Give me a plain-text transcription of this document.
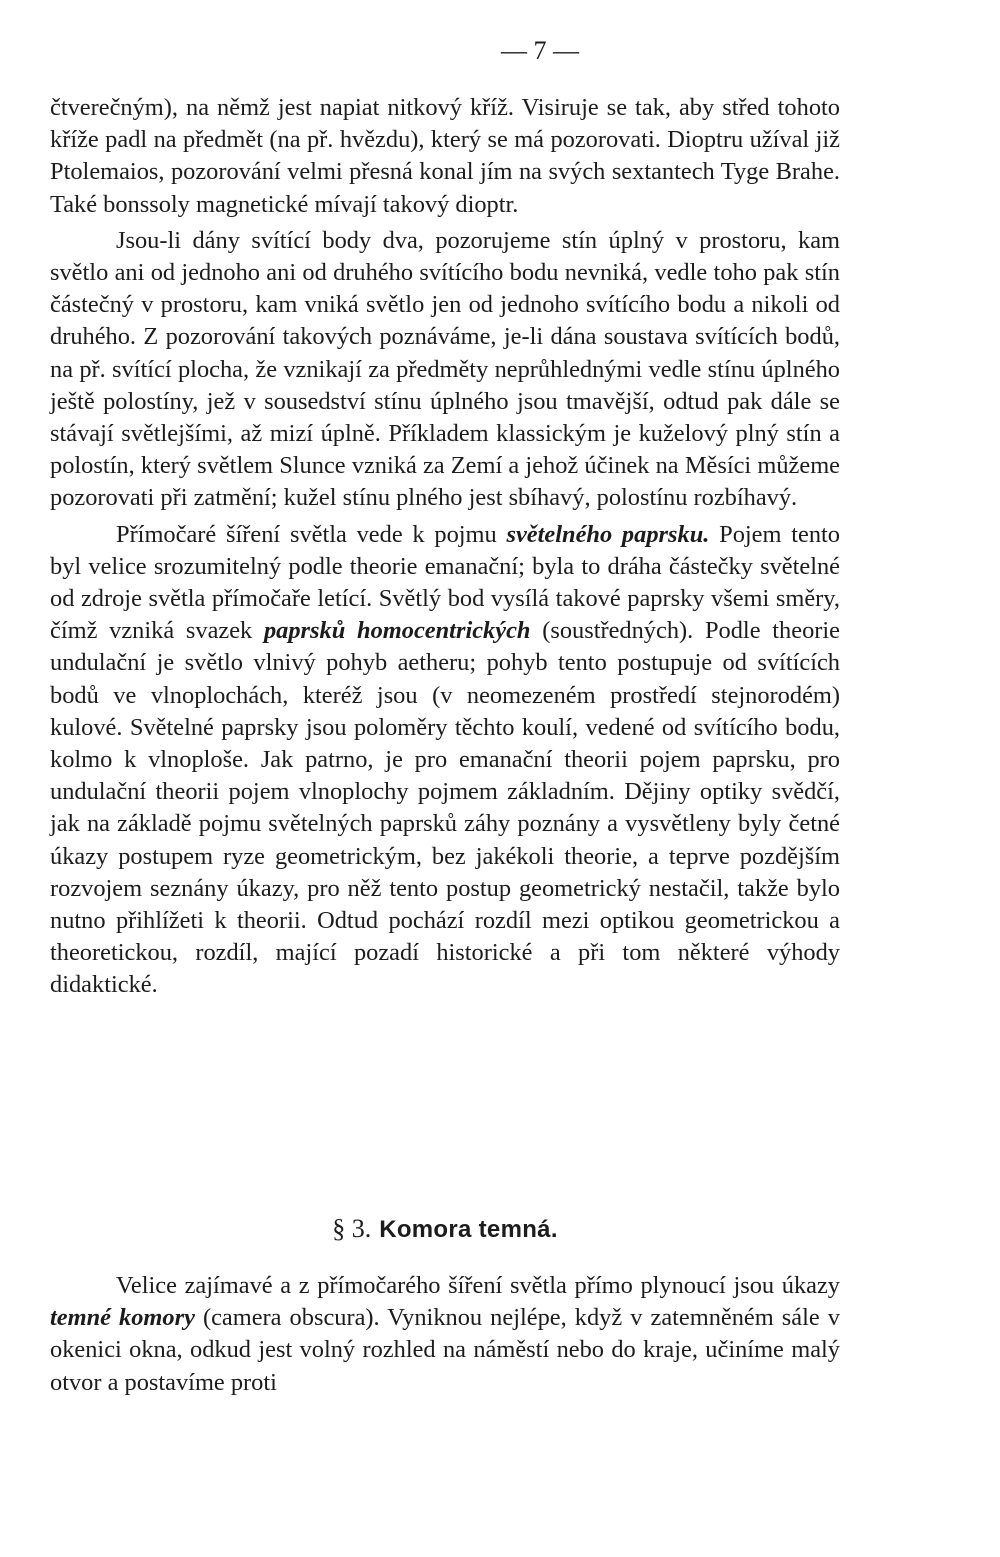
— 7 —

čtverečným), na němž jest napiat nitkový kříž. Visiruje se tak, aby střed tohoto kříže padl na předmět (na př. hvězdu), který se má pozorovati. Dioptru užíval již Ptolemaios, pozorování velmi přesná konal jím na svých sextantech Tyge Brahe. Také bonssoly magnetické mívají takový dioptr.

Jsou-li dány svítící body dva, pozorujeme stín úplný v prostoru, kam světlo ani od jednoho ani od druhého svítícího bodu nevniká, vedle toho pak stín částečný v prostoru, kam vniká světlo jen od jednoho svítícího bodu a nikoli od druhého. Z pozorování takových poznáváme, je-li dána soustava svítících bodů, na př. svítící plocha, že vznikají za předměty neprůhlednými vedle stínu úplného ještě polostíny, jež v sousedství stínu úplného jsou tmavější, odtud pak dále se stávají světlejšími, až mizí úplně. Příkladem klassickým je kuželový plný stín a polostín, který světlem Slunce vzniká za Zemí a jehož účinek na Měsíci můžeme pozorovati při zatmění; kužel stínu plného jest sbíhavý, polostínu rozbíhavý.

Přímočaré šíření světla vede k pojmu světelného paprsku. Pojem tento byl velice srozumitelný podle theorie emanační; byla to dráha částečky světelné od zdroje světla přímočaře letící. Světlý bod vysílá takové paprsky všemi směry, čímž vzniká svazek paprsků homocentrických (soustředných). Podle theorie undulační je světlo vlnivý pohyb aetheru; pohyb tento postupuje od svítících bodů ve vlnoplochách, kteréž jsou (v neomezeném prostředí stejnorodém) kulové. Světelné paprsky jsou poloměry těchto koulí, vedené od svítícího bodu, kolmo k vlnoploše. Jak patrno, je pro emanační theorii pojem paprsku, pro undulační theorii pojem vlnoplochy pojmem základním. Dějiny optiky svědčí, jak na základě pojmu světelných paprsků záhy poznány a vysvětleny byly četné úkazy postupem ryze geometrickým, bez jakékoli theorie, a teprve pozdějším rozvojem seznány úkazy, pro něž tento postup geometrický nestačil, takže bylo nutno přihlížeti k theorii. Odtud pochází rozdíl mezi optikou geometrickou a theoretickou, rozdíl, mající pozadí historické a při tom některé výhody didaktické.

§ 3. Komora temná.

Velice zajímavé a z přímočarého šíření světla přímo plynoucí jsou úkazy temné komory (camera obscura). Vyniknou nejlépe, když v zatemněném sále v okenici okna, odkud jest volný rozhled na náměstí nebo do kraje, učiníme malý otvor a postavíme proti
